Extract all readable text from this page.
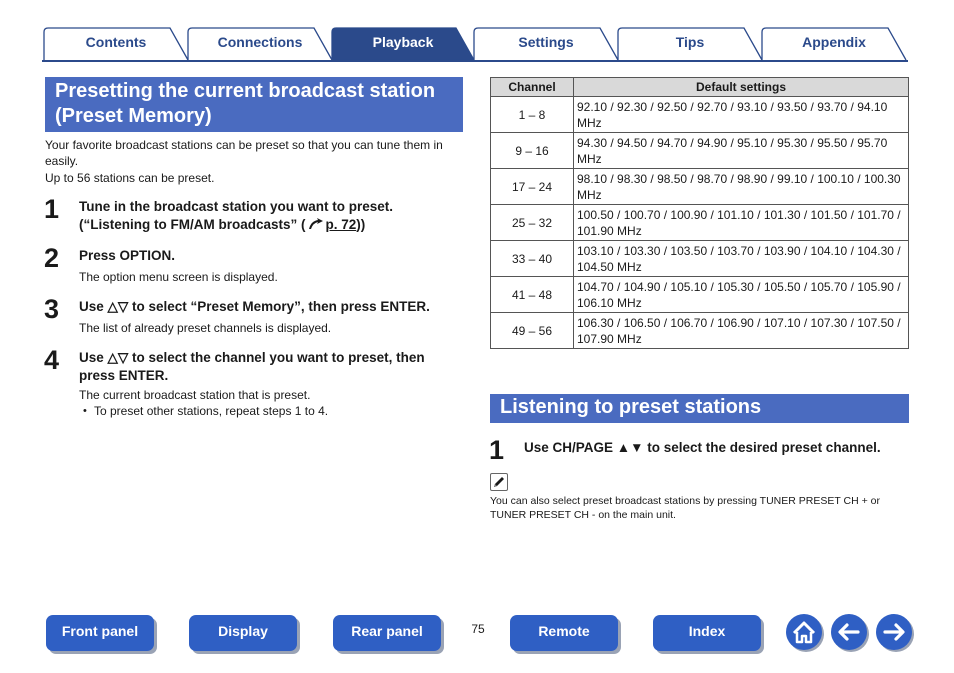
Contents	Connections	Playback	Settings	Tips	Appendix
Presetting the current broadcast station (Preset Memory)
Your favorite broadcast stations can be preset so that you can tune them in easily.
Up to 56 stations can be preset.
1 Tune in the broadcast station you want to preset.
(“Listening to FM/AM broadcasts” ( p. 72))
2 Press OPTION.
The option menu screen is displayed.
3 Use △▽ to select “Preset Memory”, then press ENTER.
The list of already preset channels is displayed.
4 Use △▽ to select the channel you want to preset, then press ENTER.
The current broadcast station that is preset.
• To preset other stations, repeat steps 1 to 4.
Channel	Default settings
1 – 8	92.10 / 92.30 / 92.50 / 92.70 / 93.10 / 93.50 / 93.70 / 94.10 MHz
9 – 16	94.30 / 94.50 / 94.70 / 94.90 / 95.10 / 95.30 / 95.50 / 95.70 MHz
17 – 24	98.10 / 98.30 / 98.50 / 98.70 / 98.90 / 99.10 / 100.10 / 100.30 MHz
25 – 32	100.50 / 100.70 / 100.90 / 101.10 / 101.30 / 101.50 / 101.70 / 101.90 MHz
33 – 40	103.10 / 103.30 / 103.50 / 103.70 / 103.90 / 104.10 / 104.30 / 104.50 MHz
41 – 48	104.70 / 104.90 / 105.10 / 105.30 / 105.50 / 105.70 / 105.90 / 106.10 MHz
49 – 56	106.30 / 106.50 / 106.70 / 106.90 / 107.10 / 107.30 / 107.50 / 107.90 MHz
Listening to preset stations
1 Use CH/PAGE ▲▼ to select the desired preset channel.
You can also select preset broadcast stations by pressing TUNER PRESET CH + or TUNER PRESET CH - on the main unit.
Front panel	Display	Rear panel	75	Remote	Index
